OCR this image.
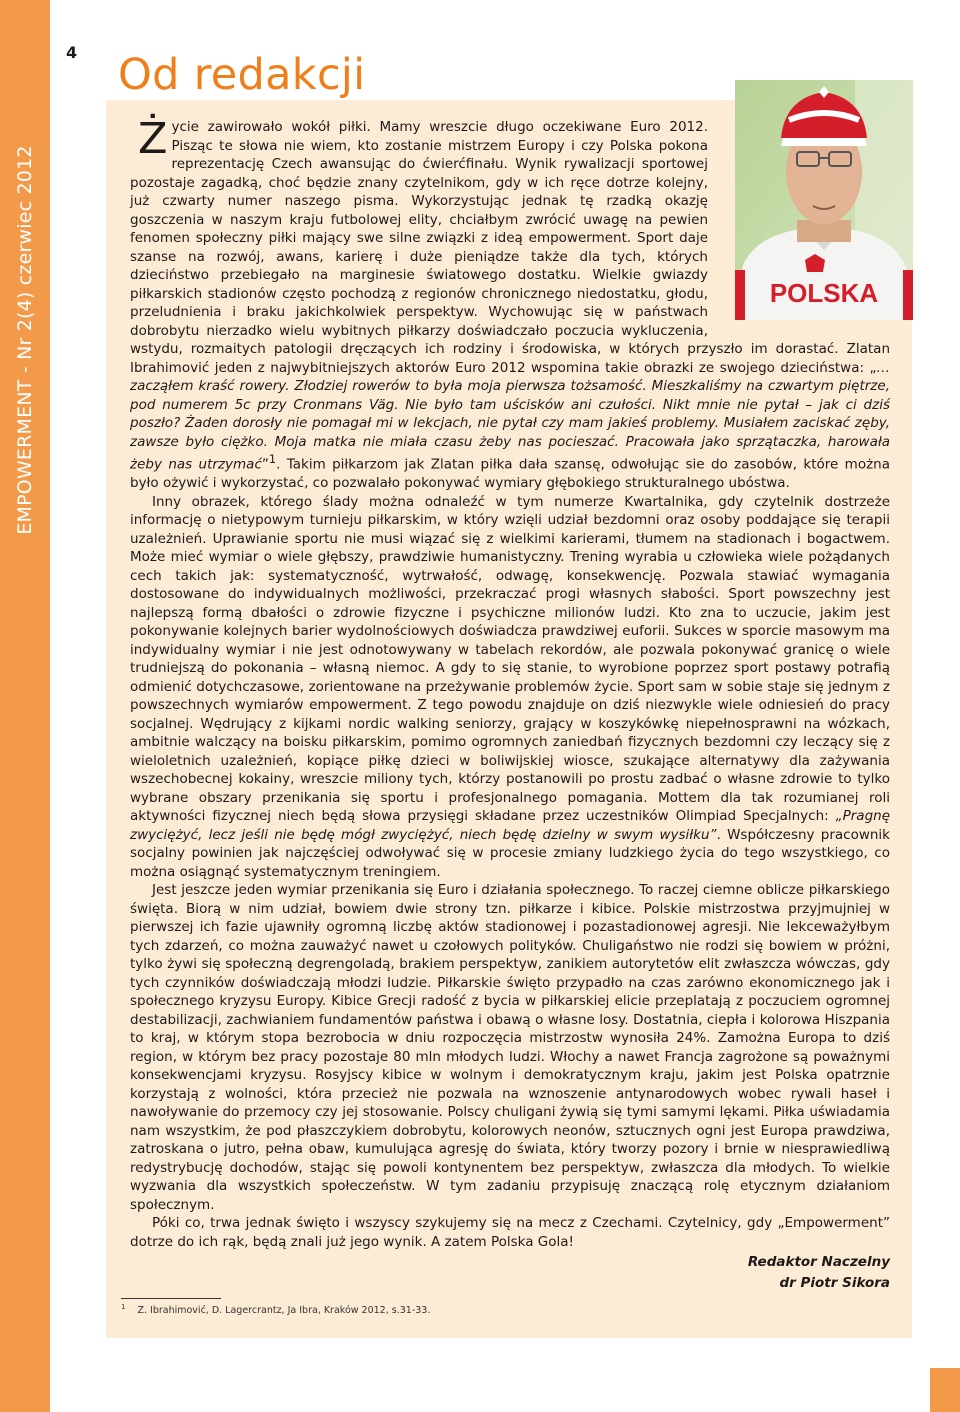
EMPOWERMENT - Nr 2(4) czerwiec 2012
4 Od redakcji
POLSKA
Ż ycie zawirowało wokół piłki. Mamy wreszcie długo oczekiwane Euro 2012. Pisząc te słowa nie wiem, kto zostanie mistrzem Europy i czy Polska pokona reprezentację Czech awansując do ćwierćfinału. Wynik rywalizacji sportowej pozostaje zagadką, choć będzie znany czytelnikom, gdy w ich ręce dotrze kolejny, już czwarty numer naszego pisma. Wykorzystując jednak tę rzadką okazję goszczenia w naszym kraju futbolowej elity, chciałbym zwrócić uwagę na pewien fenomen społeczny piłki mający swe silne związki z ideą empowerment. Sport daje szanse na rozwój, awans, karierę i duże pieniądze także dla tych, których dzieciństwo przebiegało na marginesie światowego dostatku. Wielkie gwiazdy piłkarskich stadionów często pochodzą z regionów chronicznego niedostatku, głodu, przeludnienia i braku jakichkolwiek perspektyw. Wychowując się w państwach dobrobytu nierzadko wielu wybitnych piłkarzy doświadczało poczucia wykluczenia, wstydu, rozmaitych patologii dręczących ich rodziny i środowiska, w których przyszło im dorastać. Zlatan Ibrahimović jeden z najwybitniejszych aktorów Euro 2012 wspomina takie obrazki ze swojego dzieciństwa: „… zacząłem kraść rowery. Złodziej rowerów to była moja pierwsza tożsamość. Mieszkaliśmy na czwartym piętrze, pod numerem 5c przy Cronmans Väg. Nie było tam uścisków ani czułości. Nikt mnie nie pytał – jak ci dziś poszło? Żaden dorosły nie pomagał mi w lekcjach, nie pytał czy mam jakieś problemy. Musiałem zaciskać zęby, zawsze było ciężko. Moja matka nie miała czasu żeby nas pocieszać. Pracowała jako sprzątaczka, harowała żeby nas utrzymać”$^1$. Takim piłkarzom jak Zlatan piłka dała szansę, odwołując sie do zasobów, które można było ożywić i wykorzystać, co pozwalało pokonywać wymiary głębokiego strukturalnego ubóstwa.

Inny obrazek, którego ślady można odnaleźć w tym numerze Kwartalnika, gdy czytelnik dostrzeże informację o nietypowym turnieju piłkarskim, w który wzięli udział bezdomni oraz osoby poddające się terapii uzależnień. Uprawianie sportu nie musi wiązać się z wielkimi karierami, tłumem na stadionach i bogactwem. Może mieć wymiar o wiele głębszy, prawdziwie humanistyczny. Trening wyrabia u człowieka wiele pożądanych cech takich jak: systematyczność, wytrwałość, odwagę, konsekwencję. Pozwala stawiać wymagania dostosowane do indywidualnych możliwości, przekraczać progi własnych słabości. Sport powszechny jest najlepszą formą dbałości o zdrowie fizyczne i psychiczne milionów ludzi. Kto zna to uczucie, jakim jest pokonywanie kolejnych barier wydolnościowych doświadcza prawdziwej euforii. Sukces w sporcie masowym ma indywidualny wymiar i nie jest odnotowywany w tabelach rekordów, ale pozwala pokonywać granicę o wiele trudniejszą do pokonania – własną niemoc. A gdy to się stanie, to wyrobione poprzez sport postawy potrafią odmienić dotychczasowe, zorientowane na przeżywanie problemów życie. Sport sam w sobie staje się jednym z powszechnych wymiarów empowerment. Z tego powodu znajduje on dziś niezwykle wiele odniesień do pracy socjalnej. Wędrujący z kijkami nordic walking seniorzy, grający w koszykówkę niepełnosprawni na wózkach, ambitnie walczący na boisku piłkarskim, pomimo ogromnych zaniedbań fizycznych bezdomni czy leczący się z wieloletnich uzależnień, kopiące piłkę dzieci w boliwijskiej wiosce, szukające alternatywy dla zażywania wszechobecnej kokainy, wreszcie miliony tych, którzy postanowili po prostu zadbać o własne zdrowie to tylko wybrane obszary przenikania się sportu i profesjonalnego pomagania. Mottem dla tak rozumianej roli aktywności fizycznej niech będą słowa przysięgi składane przez uczestników Olimpiad Specjalnych: „Pragnę zwyciężyć, lecz jeśli nie będę mógł zwyciężyć, niech będę dzielny w swym wysiłku”. Współczesny pracownik socjalny powinien jak najczęściej odwoływać się w procesie zmiany ludzkiego życia do tego wszystkiego, co można osiągnąć systematycznym treningiem.

Jest jeszcze jeden wymiar przenikania się Euro i działania społecznego. To raczej ciemne oblicze piłkarskiego święta. Biorą w nim udział, bowiem dwie strony tzn. piłkarze i kibice. Polskie mistrzostwa przyjmujniej w pierwszej ich fazie ujawniły ogromną liczbę aktów stadionowej i pozastadionowej agresji. Nie lekceważyłbym tych zdarzeń, co można zauważyć nawet u czołowych polityków. Chuligaństwo nie rodzi się bowiem w próżni, tylko żywi się społeczną degrengoladą, brakiem perspektyw, zanikiem autorytetów elit zwłaszcza wówczas, gdy tych czynników doświadczają młodzi ludzie. Piłkarskie święto przypadło na czas zarówno ekonomicznego jak i społecznego kryzysu Europy. Kibice Grecji radość z bycia w piłkarskiej elicie przeplatają z poczuciem ogromnej destabilizacji, zachwianiem fundamentów państwa i obawą o własne losy. Dostatnia, ciepła i kolorowa Hiszpania to kraj, w którym stopa bezrobocia w dniu rozpoczęcia mistrzostw wynosiła 24%. Zamożna Europa to dziś region, w którym bez pracy pozostaje 80 mln młodych ludzi. Włochy a nawet Francja zagrożone są poważnymi konsekwencjami kryzysu. Rosyjscy kibice w wolnym i demokratycznym kraju, jakim jest Polska opatrznie korzystają z wolności, która przecież nie pozwala na wznoszenie antynarodowych wobec rywali haseł i nawoływanie do przemocy czy jej stosowanie. Polscy chuligani żywią się tymi samymi lękami. Piłka uświadamia nam wszystkim, że pod płaszczykiem dobrobytu, kolorowych neonów, sztucznych ogni jest Europa prawdziwa, zatroskana o jutro, pełna obaw, kumulująca agresję do świata, który tworzy pozory i brnie w niesprawiedliwą redystrybucję dochodów, stając się powoli kontynentem bez perspektyw, zwłaszcza dla młodych. To wielkie wyzwania dla wszystkich społeczeństw. W tym zadaniu przypisuję znaczącą rolę etycznym działaniom społecznym.

Póki co, trwa jednak święto i wszyscy szykujemy się na mecz z Czechami. Czytelnicy, gdy „Empowerment” dotrze do ich rąk, będą znali już jego wynik. A zatem Polska Gola!

Redaktor Naczelny

dr Piotr Sikora

$^1$ Z. Ibrahimović, D. Lagercrantz, Ja Ibra, Kraków 2012, s.31-33.
